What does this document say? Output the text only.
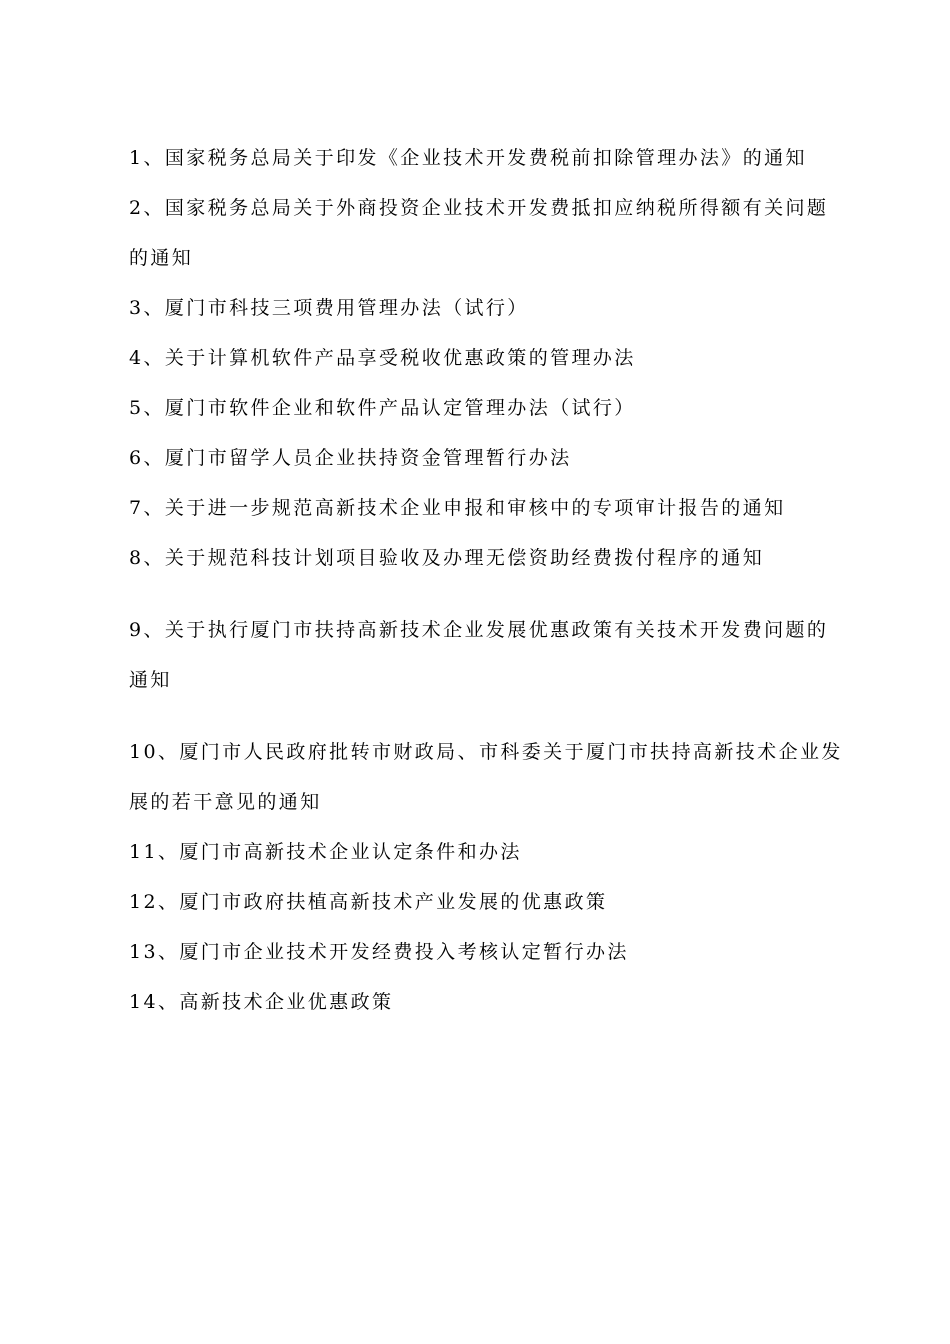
1、国家税务总局关于印发《企业技术开发费税前扣除管理办法》的通知
2、国家税务总局关于外商投资企业技术开发费抵扣应纳税所得额有关问题的通知
3、厦门市科技三项费用管理办法（试行）
4、关于计算机软件产品享受税收优惠政策的管理办法
5、厦门市软件企业和软件产品认定管理办法（试行）
6、厦门市留学人员企业扶持资金管理暂行办法
7、关于进一步规范高新技术企业申报和审核中的专项审计报告的通知
8、关于规范科技计划项目验收及办理无偿资助经费拨付程序的通知
9、关于执行厦门市扶持高新技术企业发展优惠政策有关技术开发费问题的通知
10、厦门市人民政府批转市财政局、市科委关于厦门市扶持高新技术企业发展的若干意见的通知
11、厦门市高新技术企业认定条件和办法
12、厦门市政府扶植高新技术产业发展的优惠政策
13、厦门市企业技术开发经费投入考核认定暂行办法
14、高新技术企业优惠政策
